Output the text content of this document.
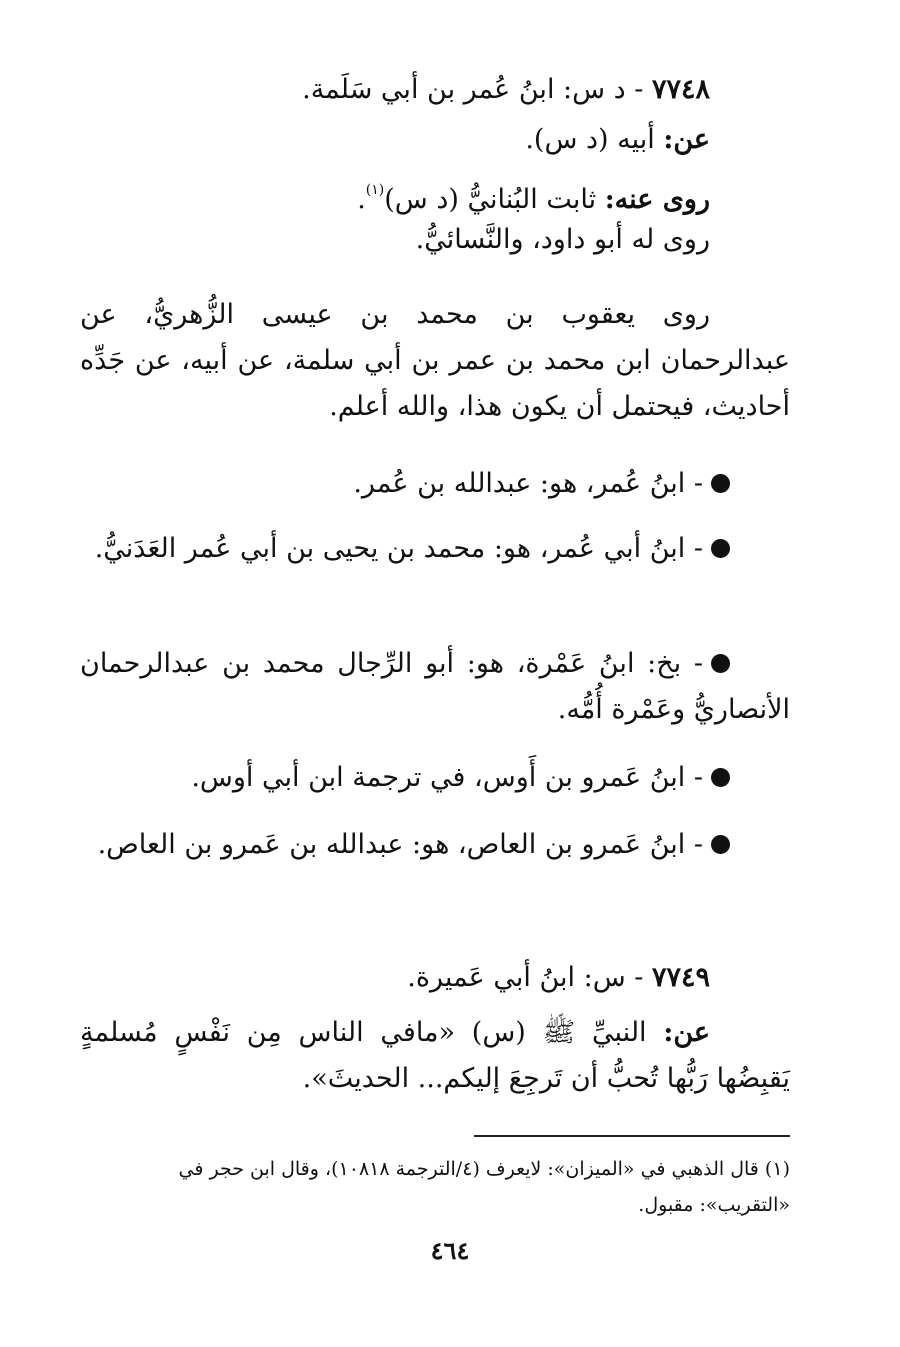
٧٧٤٨ - د س: ابنُ عُمر بن أبي سَلَمة.
عن: أبيه (د س).
روى عنه: ثابت البُنانيُّ (د س)$^{(١)}$.
روى له أبو داود، والنَّسائيُّ.
روى يعقوب بن محمد بن عيسى الزُّهريُّ، عن عبدالرحمان ابن محمد بن عمر بن أبي سلمة، عن أبيه، عن جَدِّه أحاديث، فيحتمل أن يكون هذا، والله أعلم.
- ابنُ عُمر، هو: عبدالله بن عُمر.
- ابنُ أبي عُمر، هو: محمد بن يحيى بن أبي عُمر العَدَنيُّ.
- بخ: ابنُ عَمْرة، هو: أبو الرِّجال محمد بن عبدالرحمان الأنصاريُّ وعَمْرة أُمُّه.
- ابنُ عَمرو بن أَوس، في ترجمة ابن أبي أوس.
- ابنُ عَمرو بن العاص، هو: عبدالله بن عَمرو بن العاص.
٧٧٤٩ - س: ابنُ أبي عَميرة.
عن: النبيِّ ﷺ (س) «مافي الناس مِن نَفْسٍ مُسلمةٍ يَقبِضُها رَبُّها تُحبُّ أن تَرجِعَ إليكم... الحديثَ».
(١) قال الذهبي في «الميزان»: لايعرف (٤/الترجمة ١٠٨١٨)، وقال ابن حجر في
«التقريب»: مقبول.
٤٦٤
